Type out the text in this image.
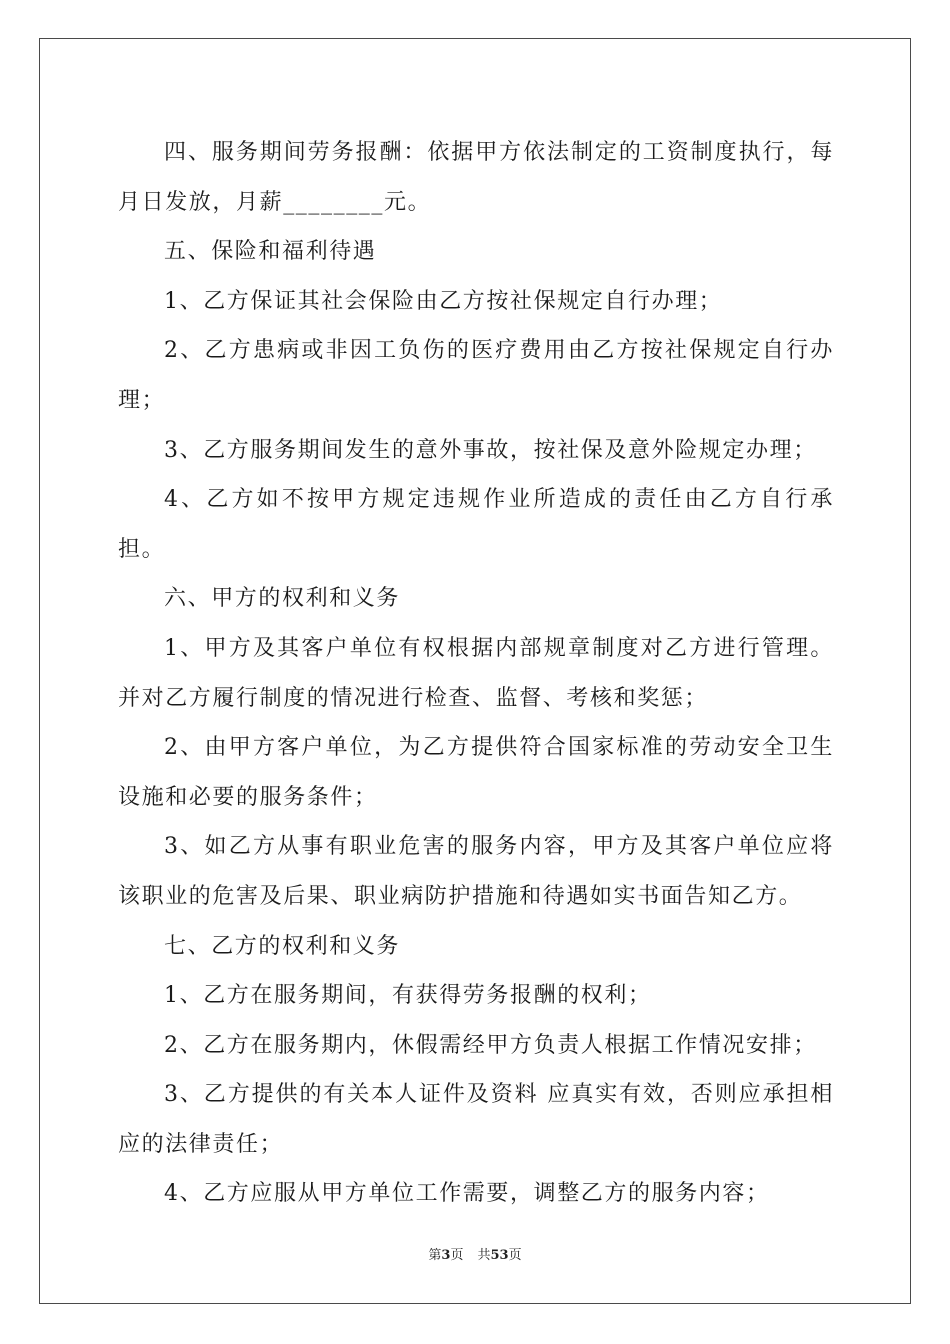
四、服务期间劳务报酬：依据甲方依法制定的工资制度执行，每月日发放，月薪________元。

五、保险和福利待遇

1、乙方保证其社会保险由乙方按社保规定自行办理；

2、乙方患病或非因工负伤的医疗费用由乙方按社保规定自行办理；

3、乙方服务期间发生的意外事故，按社保及意外险规定办理；

4、乙方如不按甲方规定违规作业所造成的责任由乙方自行承担。

六、甲方的权利和义务

1、甲方及其客户单位有权根据内部规章制度对乙方进行管理。并对乙方履行制度的情况进行检查、监督、考核和奖惩；

2、由甲方客户单位，为乙方提供符合国家标准的劳动安全卫生设施和必要的服务条件；

3、如乙方从事有职业危害的服务内容，甲方及其客户单位应将该职业的危害及后果、职业病防护措施和待遇如实书面告知乙方。

七、乙方的权利和义务

1、乙方在服务期间，有获得劳务报酬的权利；

2、乙方在服务期内，休假需经甲方负责人根据工作情况安排；

3、乙方提供的有关本人证件及资料 应真实有效，否则应承担相应的法律责任；

4、乙方应服从甲方单位工作需要，调整乙方的服务内容；

第3页 共53页
